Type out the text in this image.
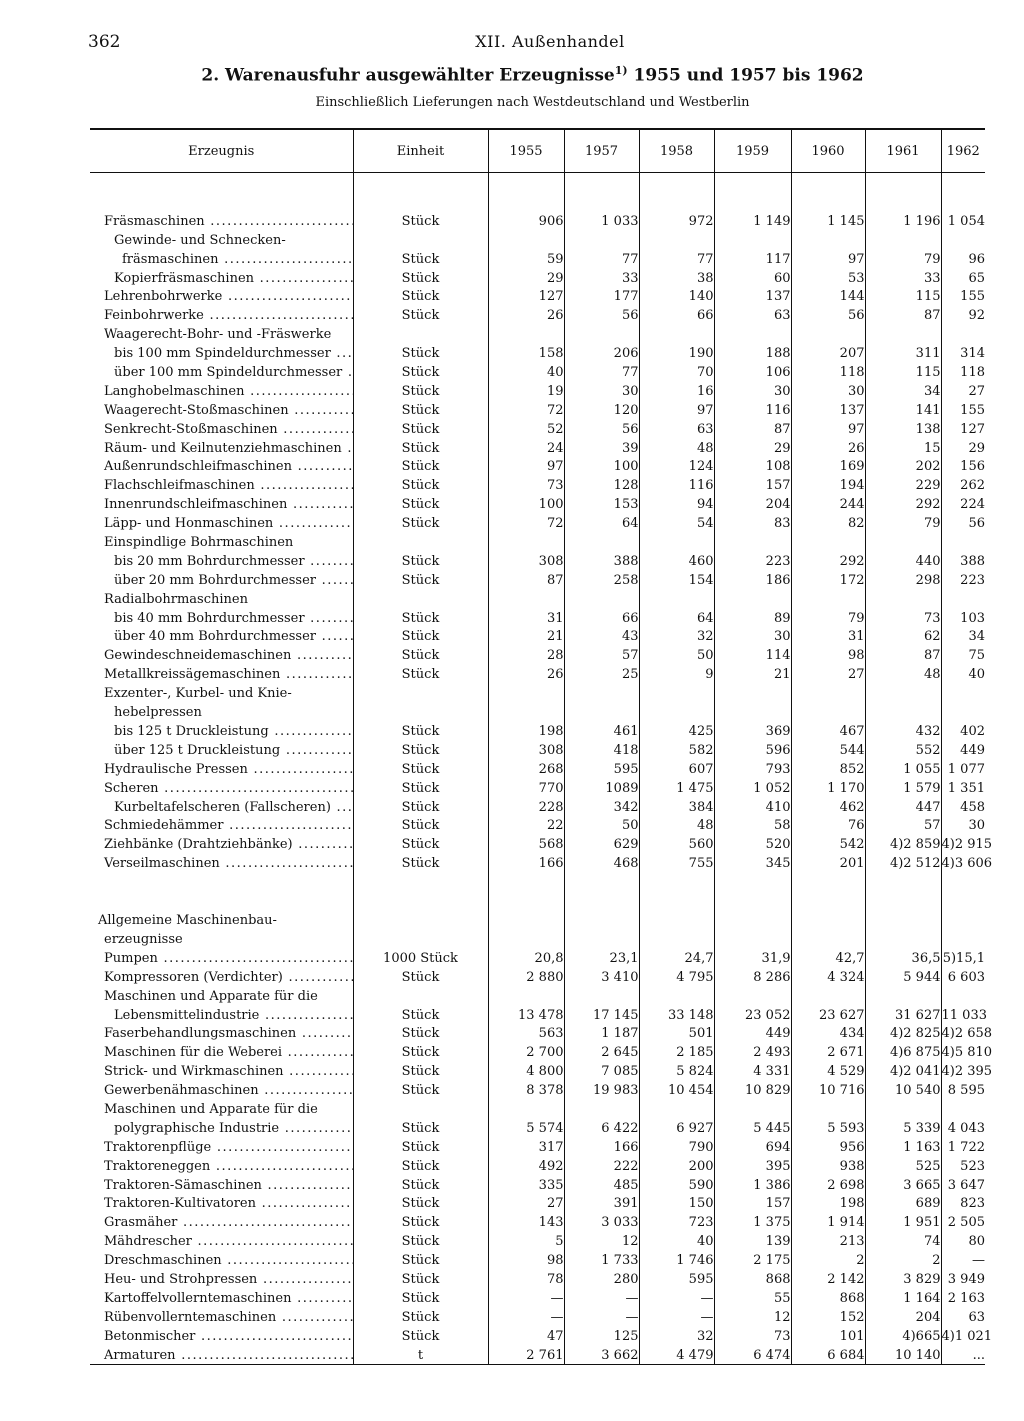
362	XII. Außenhandel
2. Warenausfuhr ausgewählter Erzeugnisse$^{1)}$ 1955 und 1957 bis 1962
Einschließlich Lieferungen nach Westdeutschland und Westberlin
Erzeugnis	Einheit	1955	1957	1958	1959	1960	1961	1962

Fräsmaschinen .....	Stück	906	1 033	972	1 149	1 145	1 196	1 054
Gewinde- und Schnecken-								
fräsmaschinen .....	Stück	59	77	77	117	97	79	96
Kopierfräsmaschinen .....	Stück	29	33	38	60	53	33	65
Lehrenbohrwerke .....	Stück	127	177	140	137	144	115	155
Feinbohrwerke .....	Stück	26	56	66	63	56	87	92
Waagerecht-Bohr- und -Fräswerke								
bis 100 mm Spindeldurchmesser .....	Stück	158	206	190	188	207	311	314
über 100 mm Spindeldurchmesser .....	Stück	40	77	70	106	118	115	118
Langhobelmaschinen .....	Stück	19	30	16	30	30	34	27
Waagerecht-Stoßmaschinen .....	Stück	72	120	97	116	137	141	155
Senkrecht-Stoßmaschinen .....	Stück	52	56	63	87	97	138	127
Räum- und Keilnutenziehmaschinen .....	Stück	24	39	48	29	26	15	29
Außenrundschleifmaschinen .....	Stück	97	100	124	108	169	202	156
Flachschleifmaschinen .....	Stück	73	128	116	157	194	229	262
Innenrundschleifmaschinen .....	Stück	100	153	94	204	244	292	224
Läpp- und Honmaschinen .....	Stück	72	64	54	83	82	79	56
Einspindlige Bohrmaschinen								
bis 20 mm Bohrdurchmesser .....	Stück	308	388	460	223	292	440	388
über 20 mm Bohrdurchmesser .....	Stück	87	258	154	186	172	298	223
Radialbohrmaschinen								
bis 40 mm Bohrdurchmesser .....	Stück	31	66	64	89	79	73	103
über 40 mm Bohrdurchmesser .....	Stück	21	43	32	30	31	62	34
Gewindeschneidemaschinen .....	Stück	28	57	50	114	98	87	75
Metallkreissägemaschinen .....	Stück	26	25	9	21	27	48	40
Exzenter-, Kurbel- und Knie-								
hebelpressen								
bis 125 t Druckleistung .....	Stück	198	461	425	369	467	432	402
über 125 t Druckleistung .....	Stück	308	418	582	596	544	552	449
Hydraulische Pressen .....	Stück	268	595	607	793	852	1 055	1 077
Scheren .....	Stück	770	1089	1 475	1 052	1 170	1 579	1 351
Kurbeltafelscheren (Fallscheren) .....	Stück	228	342	384	410	462	447	458
Schmiedehämmer .....	Stück	22	50	48	58	76	57	30
Ziehbänke (Drahtziehbänke) .....	Stück	568	629	560	520	542	4)2 859	4)2 915
Verseilmaschinen .....	Stück	166	468	755	345	201	4)2 512	4)3 606

Allgemeine Maschinenbau-								
erzeugnisse								
Pumpen .....	1000 Stück	20,8	23,1	24,7	31,9	42,7	36,5	5)15,1
Kompressoren (Verdichter) .....	Stück	2 880	3 410	4 795	8 286	4 324	5 944	6 603
Maschinen und Apparate für die								
Lebensmittelindustrie .....	Stück	13 478	17 145	33 148	23 052	23 627	31 627	11 033
Faserbehandlungsmaschinen .....	Stück	563	1 187	501	449	434	4)2 825	4)2 658
Maschinen für die Weberei .....	Stück	2 700	2 645	2 185	2 493	2 671	4)6 875	4)5 810
Strick- und Wirkmaschinen .....	Stück	4 800	7 085	5 824	4 331	4 529	4)2 041	4)2 395
Gewerbenähmaschinen .....	Stück	8 378	19 983	10 454	10 829	10 716	10 540	8 595
Maschinen und Apparate für die								
polygraphische Industrie .....	Stück	5 574	6 422	6 927	5 445	5 593	5 339	4 043
Traktorenpflüge .....	Stück	317	166	790	694	956	1 163	1 722
Traktoreneggen .....	Stück	492	222	200	395	938	525	523
Traktoren-Sämaschinen .....	Stück	335	485	590	1 386	2 698	3 665	3 647
Traktoren-Kultivatoren .....	Stück	27	391	150	157	198	689	823
Grasmäher .....	Stück	143	3 033	723	1 375	1 914	1 951	2 505
Mähdrescher .....	Stück	5	12	40	139	213	74	80
Dreschmaschinen .....	Stück	98	1 733	1 746	2 175	2	2	—
Heu- und Strohpressen .....	Stück	78	280	595	868	2 142	3 829	3 949
Kartoffelvollerntemaschinen .....	Stück	—	—	—	55	868	1 164	2 163
Rübenvollerntemaschinen .....	Stück	—	—	—	12	152	204	63
Betonmischer .....	Stück	47	125	32	73	101	4)665	4)1 021
Armaturen .....	t	2 761	3 662	4 479	6 474	6 684	10 140	...
